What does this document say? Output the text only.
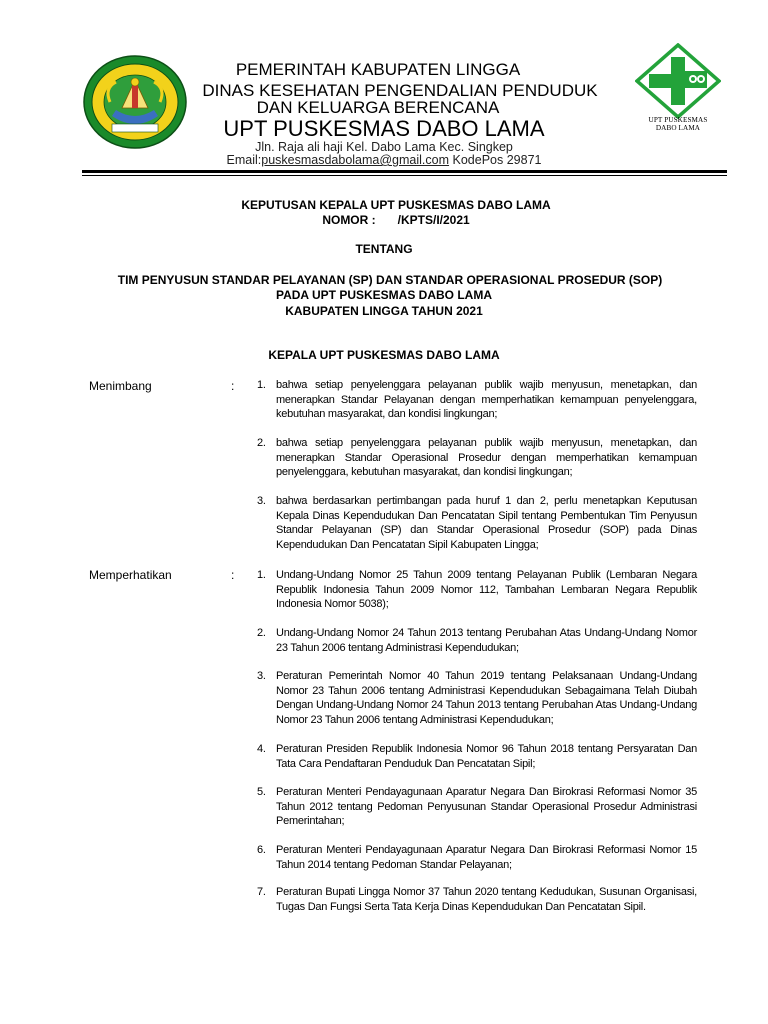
PEMERINTAH KABUPATEN LINGGA
DINAS KESEHATAN PENGENDALIAN PENDUDUK
DAN KELUARGA BERENCANA
UPT PUSKESMAS DABO LAMA
Jln. Raja ali haji Kel. Dabo Lama Kec. Singkep
Email:puskesmasdabolama@gmail.com KodePos 29871
UPT PUSKESMAS
DABO LAMA
KEPUTUSAN KEPALA UPT PUSKESMAS DABO LAMA
NOMOR : /KPTS/I/2021
TENTANG
TIM PENYUSUN STANDAR PELAYANAN (SP) DAN STANDAR OPERASIONAL PROSEDUR (SOP)
PADA UPT PUSKESMAS DABO LAMA
KABUPATEN LINGGA TAHUN 2021
KEPALA UPT PUSKESMAS DABO LAMA
Menimbang	: 1. bahwa setiap penyelenggara pelayanan publik wajib menyusun, menetapkan, dan menerapkan Standar Pelayanan dengan memperhatikan kemampuan penyelenggara, kebutuhan masyarakat, dan kondisi lingkungan;
2. bahwa setiap penyelenggara pelayanan publik wajib menyusun, menetapkan, dan menerapkan Standar Operasional Prosedur dengan memperhatikan kemampuan penyelenggara, kebutuhan masyarakat, dan kondisi lingkungan;
3. bahwa berdasarkan pertimbangan pada huruf 1 dan 2, perlu menetapkan Keputusan Kepala Dinas Kependudukan Dan Pencatatan Sipil tentang Pembentukan Tim Penyusun Standar Pelayanan (SP) dan Standar Operasional Prosedur (SOP) pada Dinas Kependudukan Dan Pencatatan Sipil Kabupaten Lingga;
Memperhatikan	: 1. Undang-Undang Nomor 25 Tahun 2009 tentang Pelayanan Publik (Lembaran Negara Republik Indonesia Tahun 2009 Nomor 112, Tambahan Lembaran Negara Republik Indonesia Nomor 5038);
2. Undang-Undang Nomor 24 Tahun 2013 tentang Perubahan Atas Undang-Undang Nomor 23 Tahun 2006 tentang Administrasi Kependudukan;
3. Peraturan Pemerintah Nomor 40 Tahun 2019 tentang Pelaksanaan Undang-Undang Nomor 23 Tahun 2006 tentang Administrasi Kependudukan Sebagaimana Telah Diubah Dengan Undang-Undang Nomor 24 Tahun 2013 tentang Perubahan Atas Undang-Undang Nomor 23 Tahun 2006 tentang Administrasi Kependudukan;
4. Peraturan Presiden Republik Indonesia Nomor 96 Tahun 2018 tentang Persyaratan Dan Tata Cara Pendaftaran Penduduk Dan Pencatatan Sipil;
5. Peraturan Menteri Pendayagunaan Aparatur Negara Dan Birokrasi Reformasi Nomor 35 Tahun 2012 tentang Pedoman Penyusunan Standar Operasional Prosedur Administrasi Pemerintahan;
6. Peraturan Menteri Pendayagunaan Aparatur Negara Dan Birokrasi Reformasi Nomor 15 Tahun 2014 tentang Pedoman Standar Pelayanan;
7. Peraturan Bupati Lingga Nomor 37 Tahun 2020 tentang Kedudukan, Susunan Organisasi, Tugas Dan Fungsi Serta Tata Kerja Dinas Kependudukan Dan Pencatatan Sipil.
